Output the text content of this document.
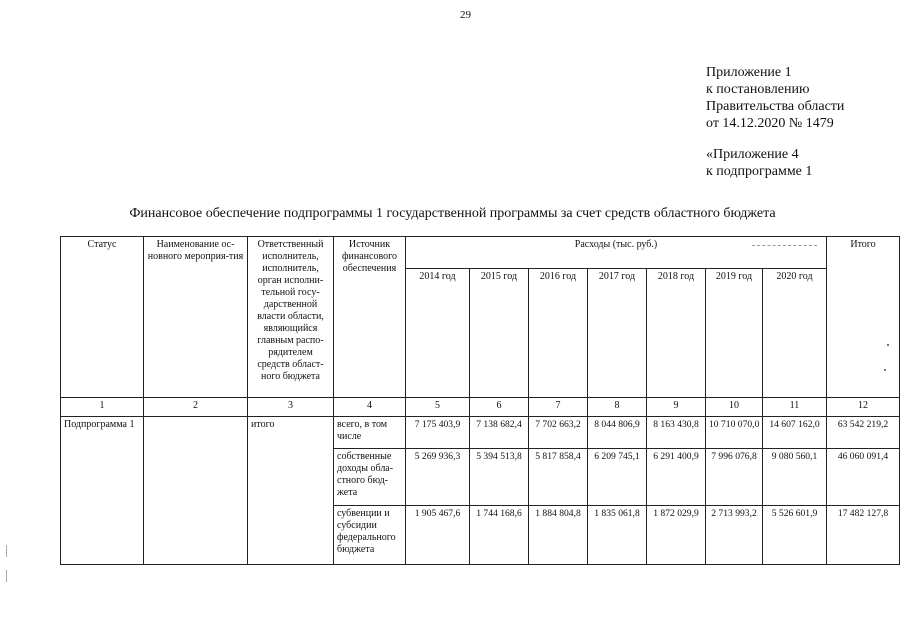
29
Приложение 1
к постановлению
Правительства области
от 14.12.2020 № 1479
«Приложение 4
к подпрограмме 1
Финансовое обеспечение подпрограммы 1 государственной программы за счет средств областного бюджета
Статус	Наименование ос-новного мероприя-тия	Ответственный исполнитель, исполнитель, орган исполни-тельной госу-дарственной власти области, являющийся главным распо-рядителем средств област-ного бюджета	Источник финансового обеспечения	Расходы (тыс. руб.)							Итого
				2014 год	2015 год	2016 год	2017 год	2018 год	2019 год	2020 год	
1	2	3	4	5	6	7	8	9	10	11	12
Подпрограмма 1		итого	всего, в том числе	7 175 403,9	7 138 682,4	7 702 663,2	8 044 806,9	8 163 430,8	10 710 070,0	14 607 162,0	63 542 219,2
			собственные доходы обла-стного бюд-жета	5 269 936,3	5 394 513,8	5 817 858,4	6 209 745,1	6 291 400,9	7 996 076,8	9 080 560,1	46 060 091,4
			субвенции и субсидии федерального бюджета	1 905 467,6	1 744 168,6	1 884 804,8	1 835 061,8	1 872 029,9	2 713 993,2	5 526 601,9	17 482 127,8
